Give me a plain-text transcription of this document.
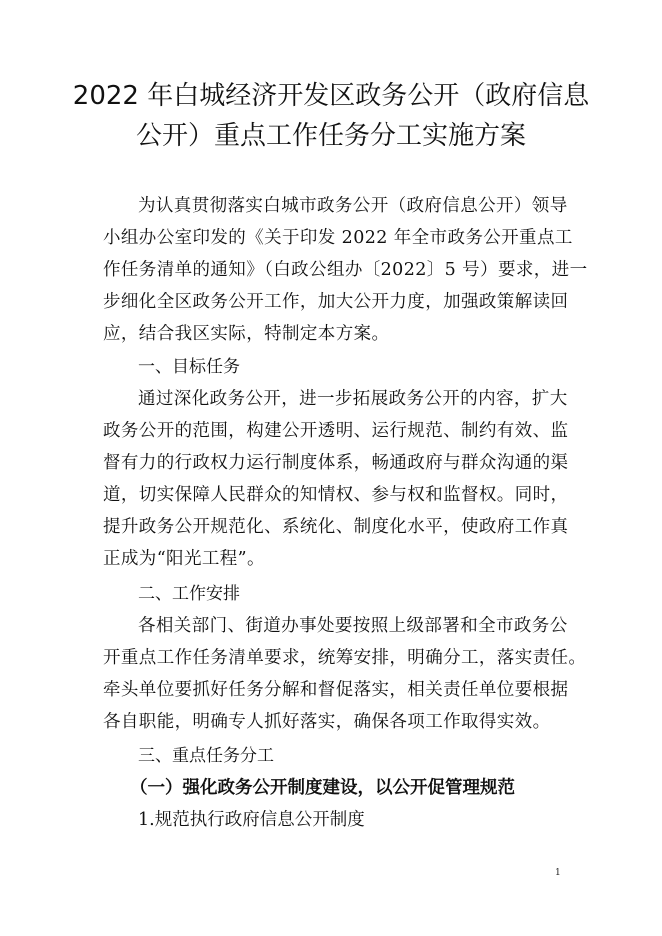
2022 年白城经济开发区政务公开（政府信息
公开）重点工作任务分工实施方案
为认真贯彻落实白城市政务公开（政府信息公开）领导
小组办公室印发的《关于印发 2022 年全市政务公开重点工
作任务清单的通知》（白政公组办〔2022〕5 号）要求，进一
步细化全区政务公开工作，加大公开力度，加强政策解读回
应，结合我区实际，特制定本方案。
一、目标任务
通过深化政务公开，进一步拓展政务公开的内容，扩大
政务公开的范围，构建公开透明、运行规范、制约有效、监
督有力的行政权力运行制度体系，畅通政府与群众沟通的渠
道，切实保障人民群众的知情权、参与权和监督权。同时，
提升政务公开规范化、系统化、制度化水平，使政府工作真
正成为“阳光工程”。
二、工作安排
各相关部门、街道办事处要按照上级部署和全市政务公
开重点工作任务清单要求，统筹安排，明确分工，落实责任。
牵头单位要抓好任务分解和督促落实，相关责任单位要根据
各自职能，明确专人抓好落实，确保各项工作取得实效。
三、重点任务分工
（一）强化政务公开制度建设，以公开促管理规范
1.规范执行政府信息公开制度
1
